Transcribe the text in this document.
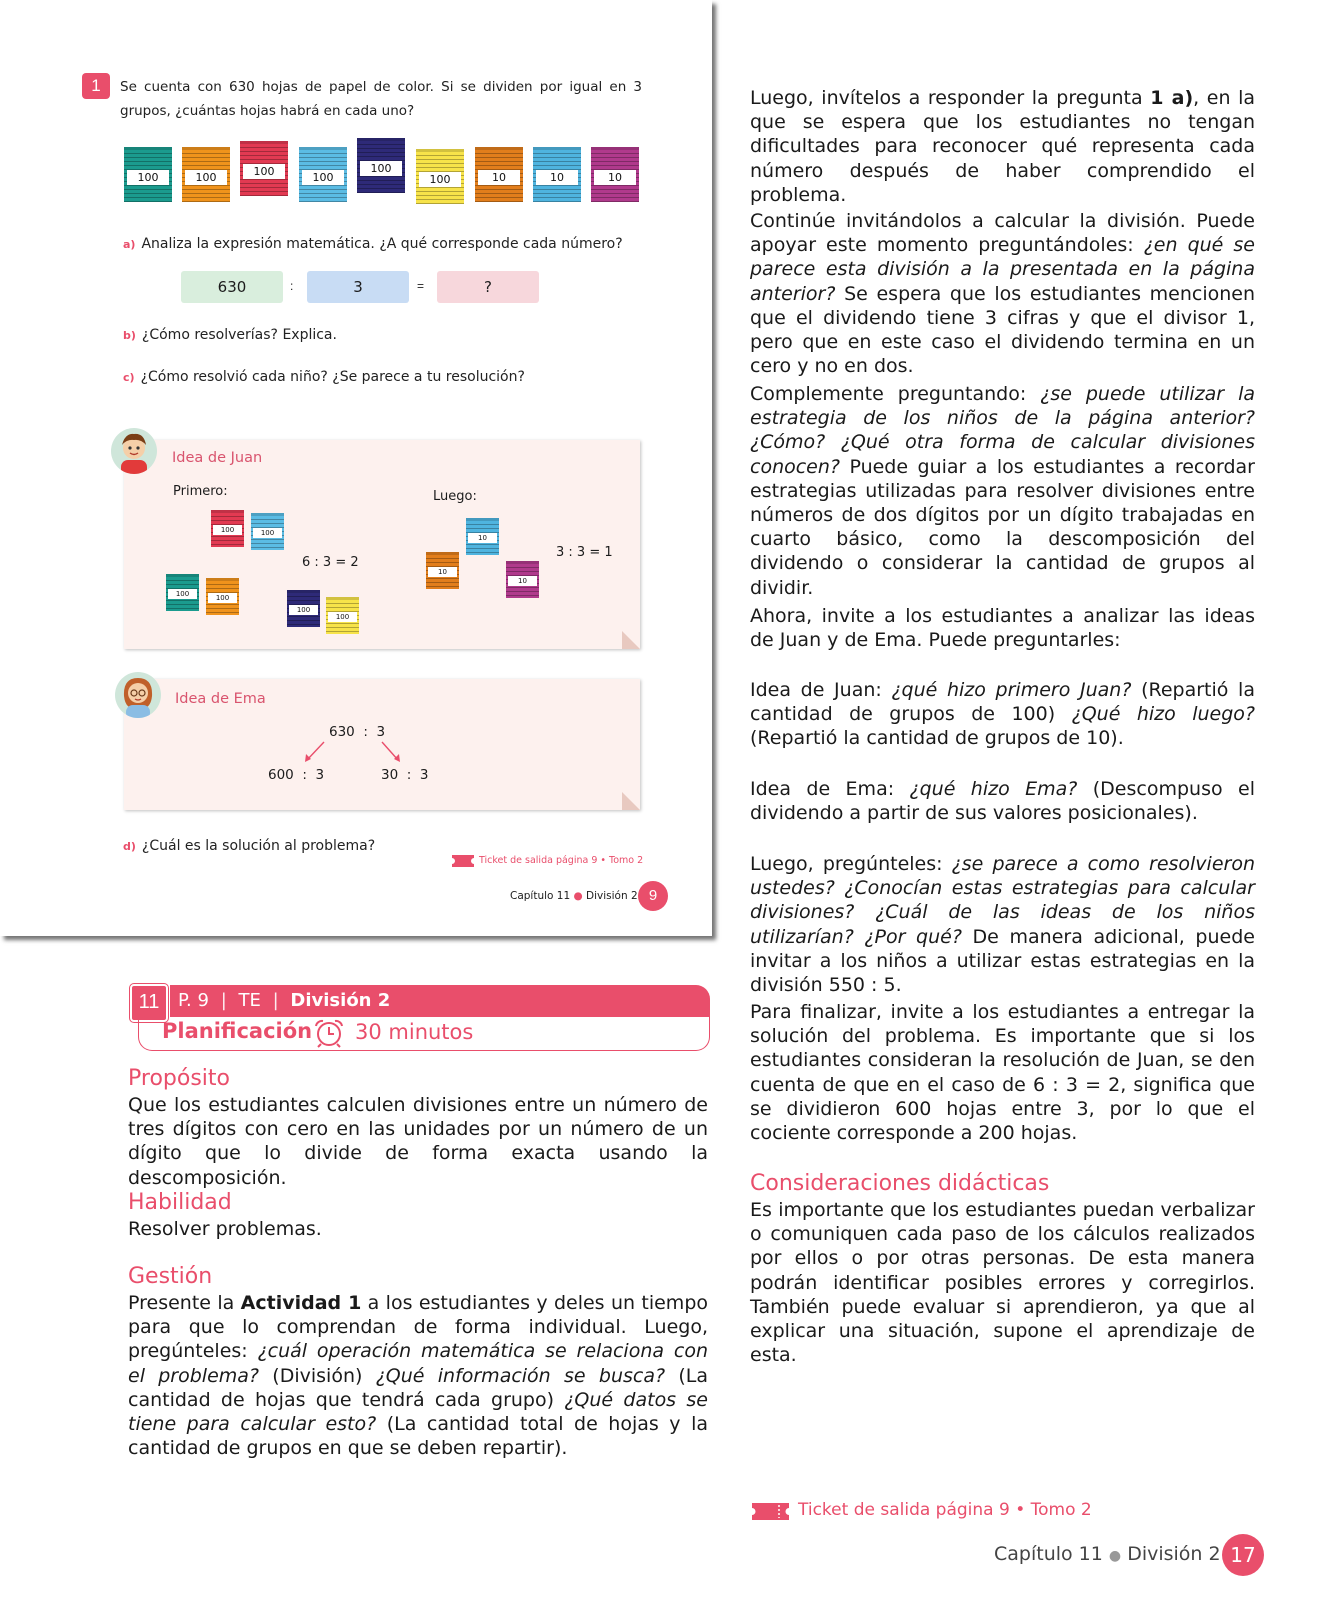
1	Se cuenta con 630 hojas de papel de color. Si se dividen por igual en 3 grupos, ¿cuántas hojas habrá en cada uno?
100	100	100	100
100
100	10	10	10
a) Analiza la expresión matemática. ¿A qué corresponde cada número?
630	:	3	=	?
b) ¿Cómo resolverías? Explica.
c) ¿Cómo resolvió cada niño? ¿Se parece a tu resolución?
Idea de Juan
Primero:	Luego:
6 : 3 = 2
3 : 3 = 1
100	100
100	100
100
100
10
10
10
Idea de Ema
630  :  3
600  :  3	30  :  3
d) ¿Cuál es la solución al problema?
Ticket de salida página 9 • Tomo 2
Capítulo 11 ● División 2 9
11	P. 9 | TE | División 2
Planificación 30 minutos
Propósito
Que los estudiantes calculen divisiones entre un número de tres dígitos con cero en las unidades por un número de un dígito que lo divide de forma exacta usando la descomposición.
Habilidad
Resolver problemas.
Gestión
Presente la Actividad 1 a los estudiantes y deles un tiempo para que lo comprendan de forma individual. Luego, pregúnteles: ¿cuál operación matemática se relaciona con el problema? (División) ¿Qué información se busca? (La cantidad de hojas que tendrá cada grupo) ¿Qué datos se tiene para calcular esto? (La cantidad total de hojas y la cantidad de grupos en que se deben repartir).
Luego, invítelos a responder la pregunta 1 a), en la que se espera que los estudiantes no tengan dificultades para reconocer qué representa cada número después de haber comprendido el problema.
Continúe invitándolos a calcular la división. Puede apoyar este momento preguntándoles: ¿en qué se parece esta división a la presentada en la página anterior? Se espera que los estudiantes mencionen que el dividendo tiene 3 cifras y que el divisor 1, pero que en este caso el dividendo termina en un cero y no en dos.
Complemente preguntando: ¿se puede utilizar la estrategia de los niños de la página anterior? ¿Cómo? ¿Qué otra forma de calcular divisiones conocen? Puede guiar a los estudiantes a recordar estrategias utilizadas para resolver divisiones entre números de dos dígitos por un dígito trabajadas en cuarto básico, como la descomposición del dividendo o considerar la cantidad de grupos al dividir.
Ahora, invite a los estudiantes a analizar las ideas de Juan y de Ema. Puede preguntarles:
Idea de Juan: ¿qué hizo primero Juan? (Repartió la cantidad de grupos de 100) ¿Qué hizo luego? (Repartió la cantidad de grupos de 10).
Idea de Ema: ¿qué hizo Ema? (Descompuso el dividendo a partir de sus valores posicionales).
Luego, pregúnteles: ¿se parece a como resolvieron ustedes? ¿Conocían estas estrategias para calcular divisiones? ¿Cuál de las ideas de los niños utilizarían? ¿Por qué? De manera adicional, puede invitar a los niños a utilizar estas estrategias en la división 550 : 5.
Para finalizar, invite a los estudiantes a entregar la solución del problema. Es importante que si los estudiantes consideran la resolución de Juan, se den cuenta de que en el caso de 6 : 3 = 2, significa que se dividieron 600 hojas entre 3, por lo que el cociente corresponde a 200 hojas.
Consideraciones didácticas
Es importante que los estudiantes puedan verbalizar o comuniquen cada paso de los cálculos realizados por ellos o por otras personas. De esta manera podrán identificar posibles errores y corregirlos. También puede evaluar si aprendieron, ya que al explicar una situación, supone el aprendizaje de esta.
Ticket de salida página 9 • Tomo 2
Capítulo 11 ● División 2 17
